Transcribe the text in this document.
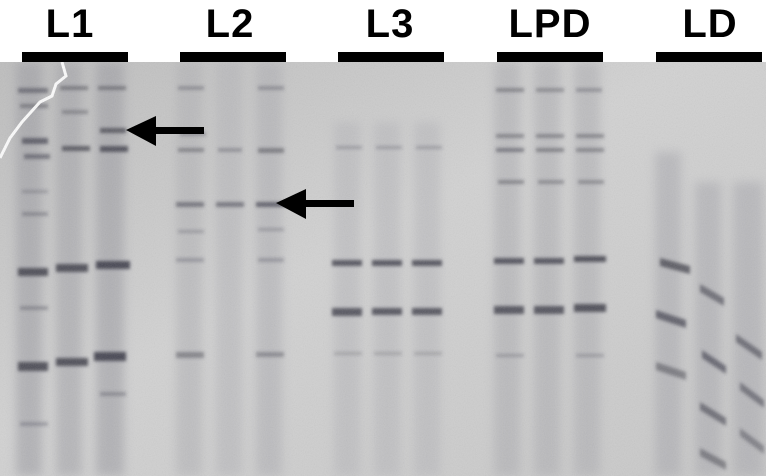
L1	L2	L3	LPD	LD
